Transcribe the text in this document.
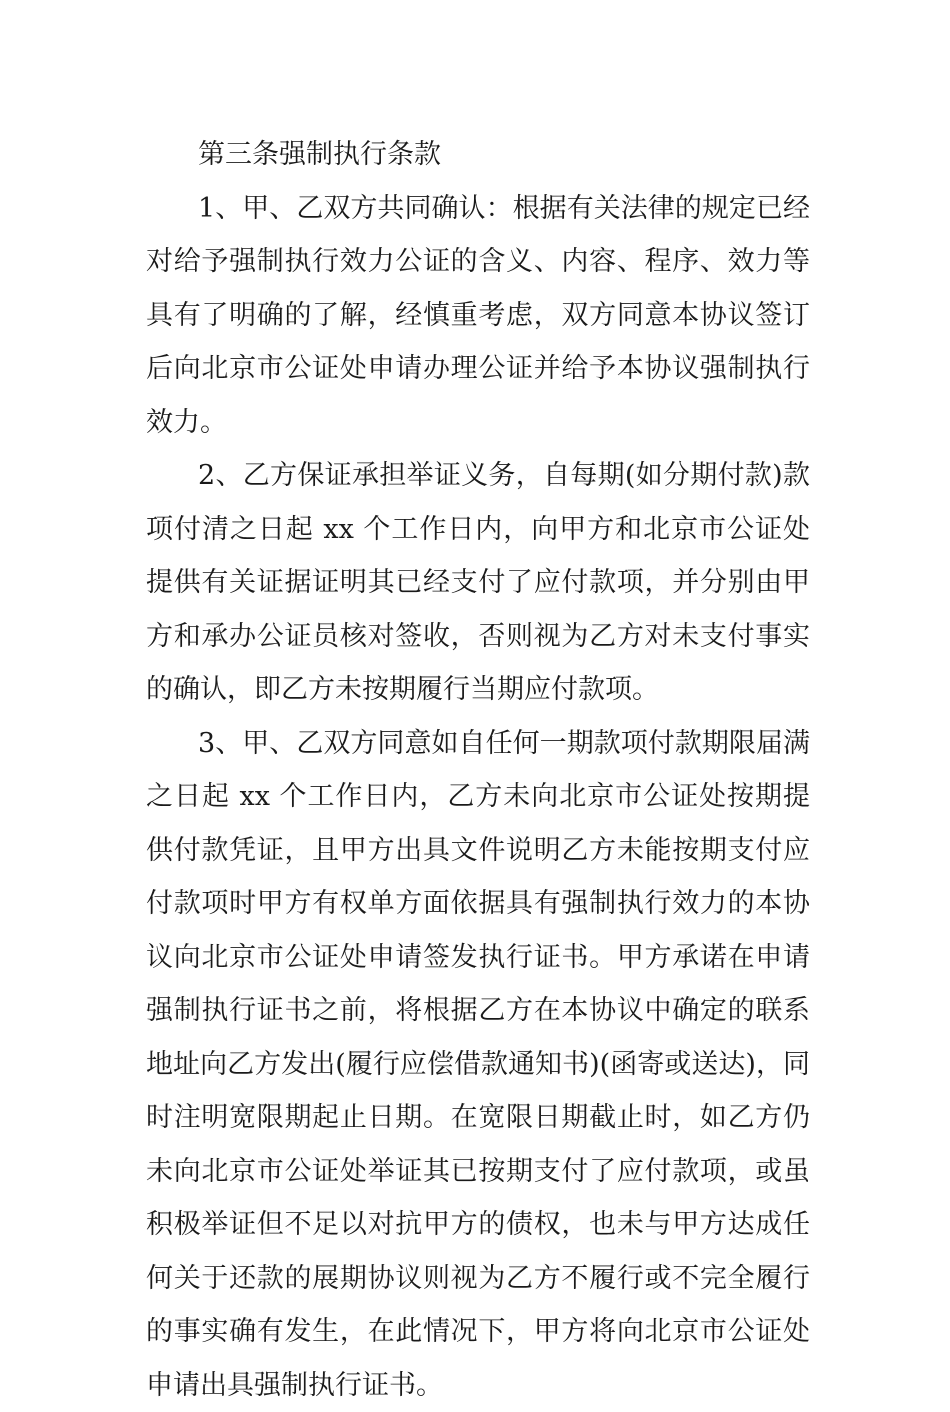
第三条强制执行条款

1、甲、乙双方共同确认：根据有关法律的规定已经对给予强制执行效力公证的含义、内容、程序、效力等具有了明确的了解，经慎重考虑，双方同意本协议签订后向北京市公证处申请办理公证并给予本协议强制执行效力。

2、乙方保证承担举证义务，自每期(如分期付款)款项付清之日起 xx 个工作日内，向甲方和北京市公证处提供有关证据证明其已经支付了应付款项，并分别由甲方和承办公证员核对签收，否则视为乙方对未支付事实的确认，即乙方未按期履行当期应付款项。

3、甲、乙双方同意如自任何一期款项付款期限届满之日起 xx 个工作日内，乙方未向北京市公证处按期提供付款凭证，且甲方出具文件说明乙方未能按期支付应付款项时甲方有权单方面依据具有强制执行效力的本协议向北京市公证处申请签发执行证书。甲方承诺在申请强制执行证书之前，将根据乙方在本协议中确定的联系地址向乙方发出(履行应偿借款通知书)(函寄或送达)，同时注明宽限期起止日期。在宽限日期截止时，如乙方仍未向北京市公证处举证其已按期支付了应付款项，或虽积极举证但不足以对抗甲方的债权，也未与甲方达成任何关于还款的展期协议则视为乙方不履行或不完全履行的事实确有发生，在此情况下，甲方将向北京市公证处申请出具强制执行证书。
